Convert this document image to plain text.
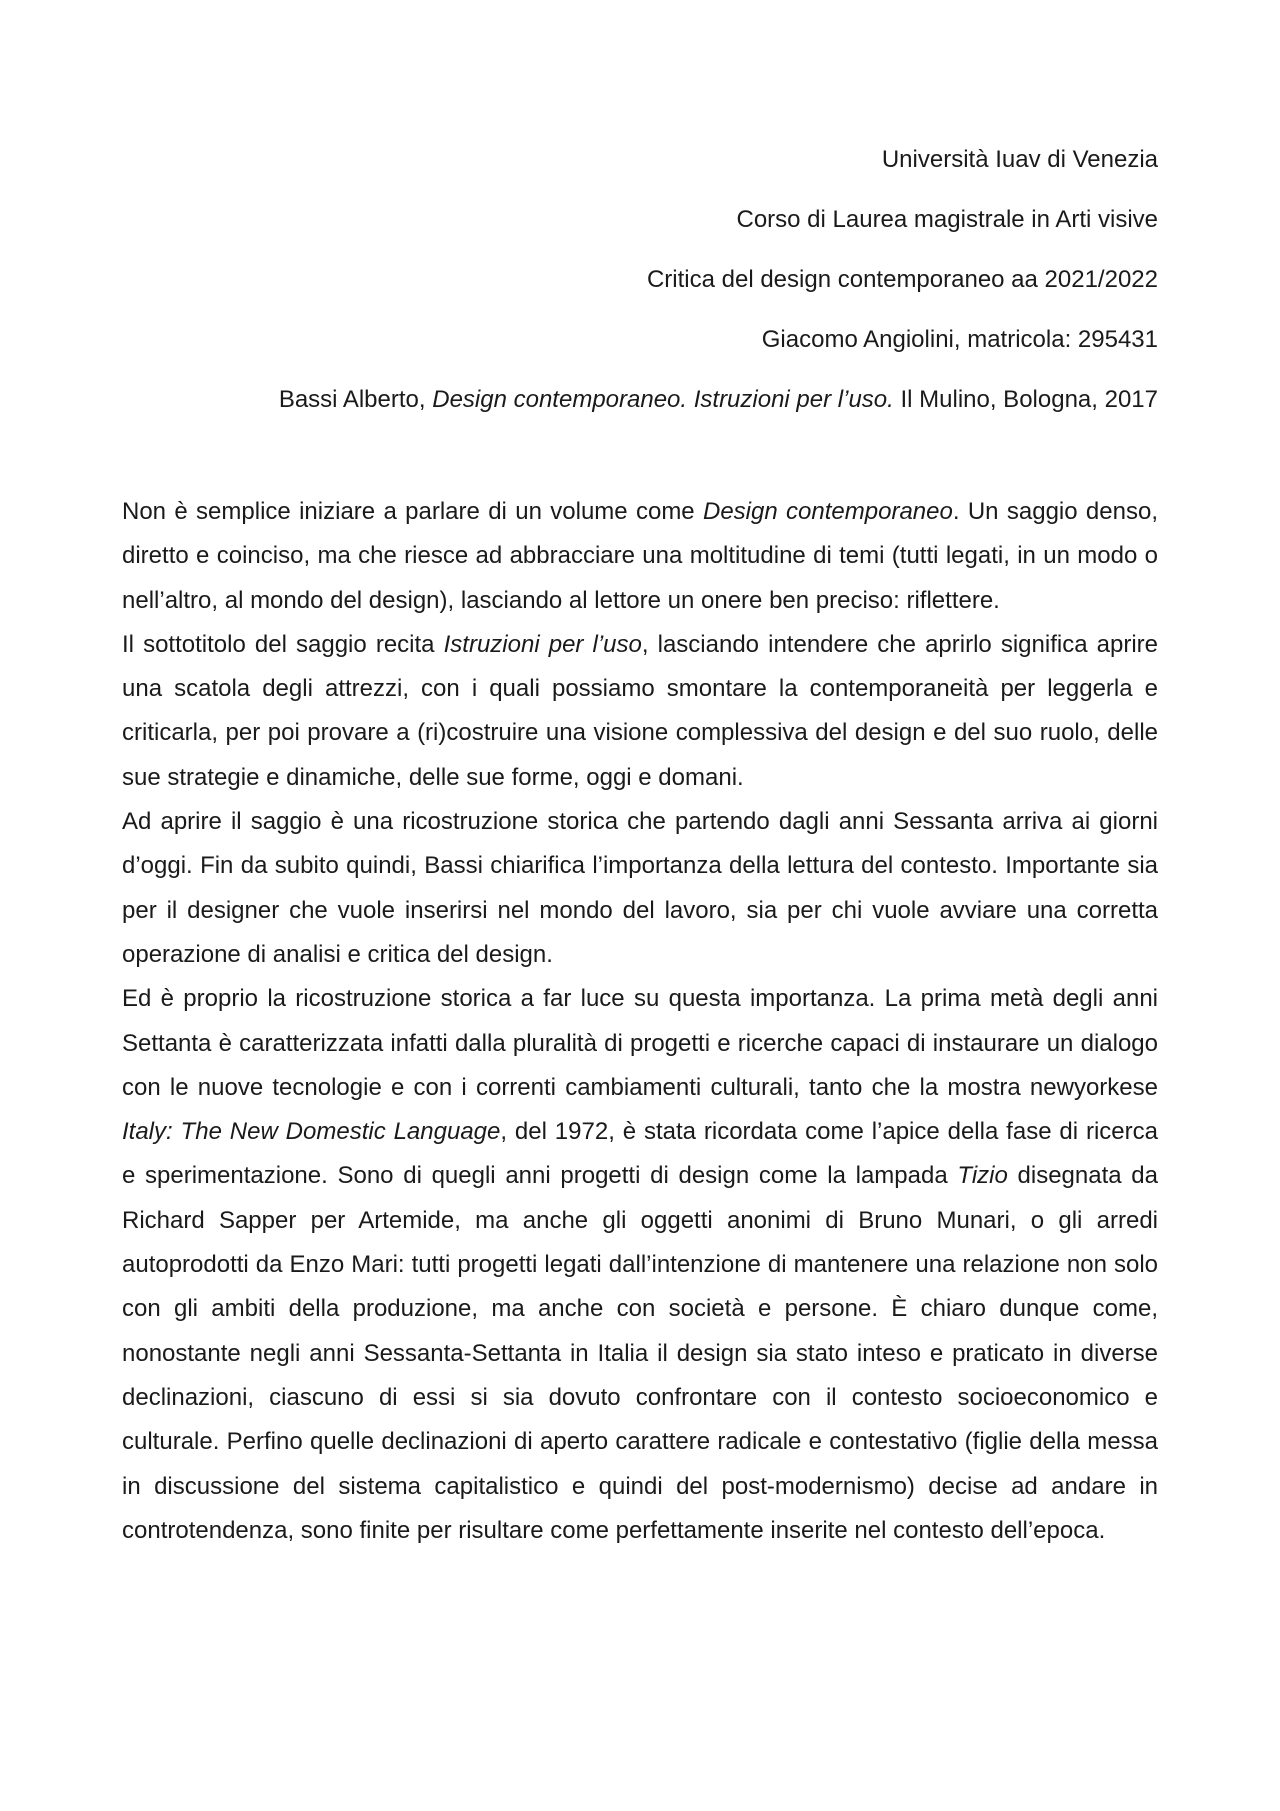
Università Iuav di Venezia

Corso di Laurea magistrale in Arti visive

Critica del design contemporaneo aa 2021/2022

Giacomo Angiolini, matricola: 295431

Bassi Alberto, Design contemporaneo. Istruzioni per l’uso. Il Mulino, Bologna, 2017

Non è semplice iniziare a parlare di un volume come Design contemporaneo. Un saggio denso, diretto e coinciso, ma che riesce ad abbracciare una moltitudine di temi (tutti legati, in un modo o nell’altro, al mondo del design), lasciando al lettore un onere ben preciso: riflettere.

Il sottotitolo del saggio recita Istruzioni per l’uso, lasciando intendere che aprirlo significa aprire una scatola degli attrezzi, con i quali possiamo smontare la contemporaneità per leggerla e criticarla, per poi provare a (ri)costruire una visione complessiva del design e del suo ruolo, delle sue strategie e dinamiche, delle sue forme, oggi e domani.

Ad aprire il saggio è una ricostruzione storica che partendo dagli anni Sessanta arriva ai giorni d’oggi. Fin da subito quindi, Bassi chiarifica l’importanza della lettura del contesto. Importante sia per il designer che vuole inserirsi nel mondo del lavoro, sia per chi vuole avviare una corretta operazione di analisi e critica del design.

Ed è proprio la ricostruzione storica a far luce su questa importanza. La prima metà degli anni Settanta è caratterizzata infatti dalla pluralità di progetti e ricerche capaci di instaurare un dialogo con le nuove tecnologie e con i correnti cambiamenti culturali, tanto che la mostra newyorkese Italy: The New Domestic Language, del 1972, è stata ricordata come l’apice della fase di ricerca e sperimentazione. Sono di quegli anni progetti di design come la lampada Tizio disegnata da Richard Sapper per Artemide, ma anche gli oggetti anonimi di Bruno Munari, o gli arredi autoprodotti da Enzo Mari: tutti progetti legati dall’intenzione di mantenere una relazione non solo con gli ambiti della produzione, ma anche con società e persone. È chiaro dunque come, nonostante negli anni Sessanta-Settanta in Italia il design sia stato inteso e praticato in diverse declinazioni, ciascuno di essi si sia dovuto confrontare con il contesto socioeconomico e culturale. Perfino quelle declinazioni di aperto carattere radicale e contestativo (figlie della messa in discussione del sistema capitalistico e quindi del post-modernismo) decise ad andare in controtendenza, sono finite per risultare come perfettamente inserite nel contesto dell’epoca.
